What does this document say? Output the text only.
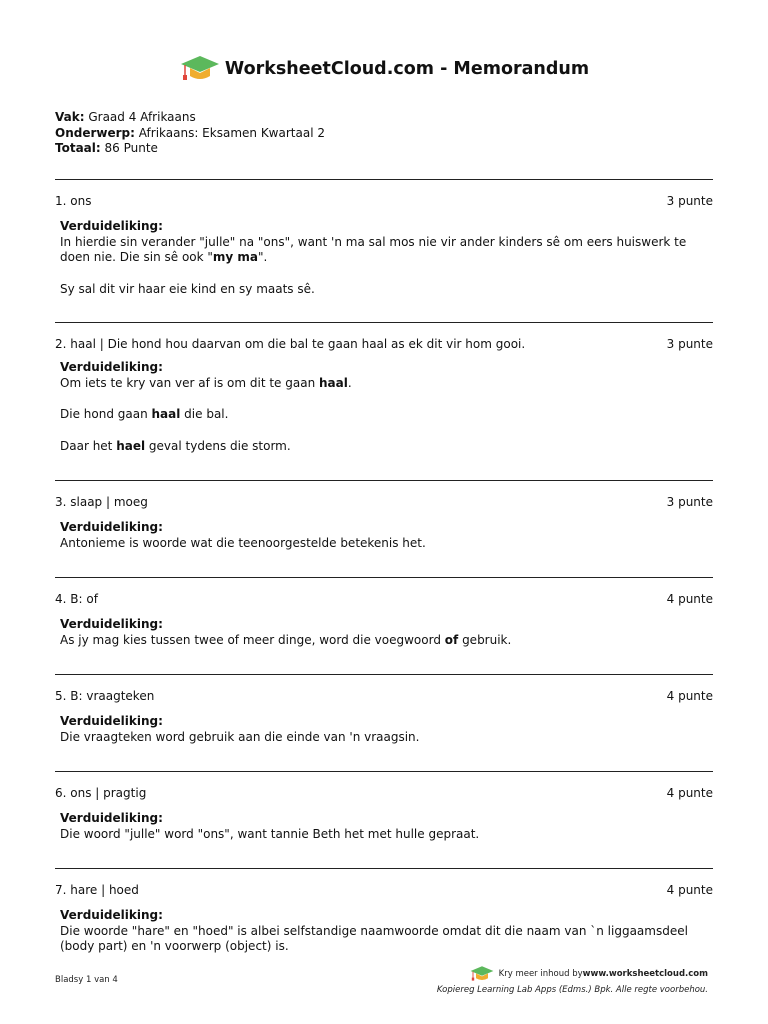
WorksheetCloud.com - Memorandum
Vak: Graad 4 Afrikaans
Onderwerp: Afrikaans: Eksamen Kwartaal 2
Totaal: 86 Punte
1. ons	3 punte
Verduideliking:

In hierdie sin verander "julle" na "ons", want 'n ma sal mos nie vir ander kinders sê om eers huiswerk te doen nie. Die sin sê ook "my ma".

Sy sal dit vir haar eie kind en sy maats sê.

2. haal | Die hond hou daarvan om die bal te gaan haal as ek dit vir hom gooi.	3 punte
Verduideliking:

Om iets te kry van ver af is om dit te gaan haal.

Die hond gaan haal die bal.

Daar het hael geval tydens die storm.

3. slaap | moeg	3 punte
Verduideliking:

Antonieme is woorde wat die teenoorgestelde betekenis het.

4. B: of	4 punte
Verduideliking:

As jy mag kies tussen twee of meer dinge, word die voegwoord of gebruik.

5. B: vraagteken	4 punte
Verduideliking:

Die vraagteken word gebruik aan die einde van 'n vraagsin.

6. ons | pragtig	4 punte
Verduideliking:

Die woord "julle" word "ons", want tannie Beth het met hulle gepraat.

7. hare | hoed	4 punte
Verduideliking:

Die woorde "hare" en "hoed" is albei selfstandige naamwoorde omdat dit die naam van `n liggaamsdeel (body part) en 'n voorwerp (object) is.

Bladsy 1 van 4
Kry meer inhoud by www.worksheetcloud.com
Kopiereg Learning Lab Apps (Edms.) Bpk. Alle regte voorbehou.
